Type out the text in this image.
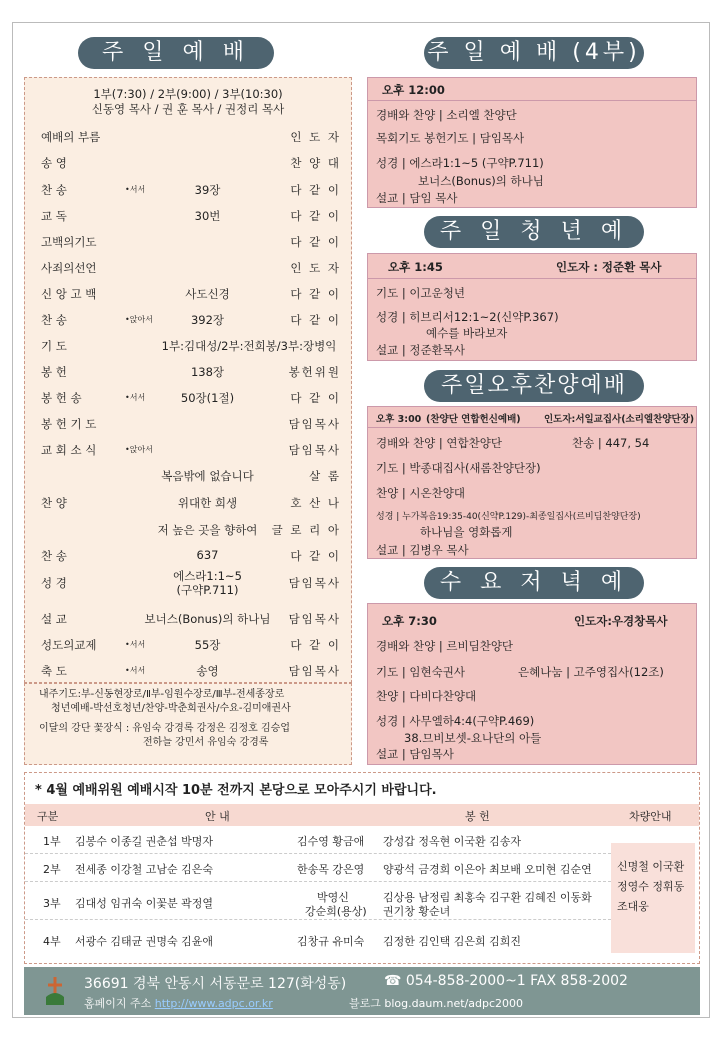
주 일 예 배
1부(7:30) / 2부(9:00) / 3부(10:30)
신동영 목사 / 권 훈 목사 / 권정리 목사
예배의 부름	인 도 자
송 영	찬 양 대
찬 송	•서서	39장	다 같 이
교 독	30번	다 같 이
고백의기도	다 같 이
사죄의선언	인 도 자
신 앙 고 백	사도신경	다 같 이
찬 송	•앉아서	392장	다 같 이
기 도	1부:김대성/2부:전희봉/3부:장병익
봉 헌	138장	봉헌위원
봉 헌 송	•서서	50장(1절)	다 같 이
봉 헌 기 도	담임목사
교 회 소 식	•앉아서	담임목사
복음밖에 없습니다	살 롬
찬 양	위대한 희생	호 산 나
저 높은 곳을 향하여	글 로 리 아
찬 송	637	다 같 이
성 경	에스라1:1~5
(구약P.711)	담임목사
설 교	보너스(Bonus)의 하나님	담임목사
성도의교제	•서서	55장	다 같 이
축 도	•서서	송영	담임목사
내주기도:부-신동현장로/Ⅱ부-임원수장로/Ⅲ부-전세종장로
청년예배-박선호청년/찬양-박춘희권사/수요-김미애권사
이달의 강단 꽃장식 : 유임숙 강경록 강정은 김정호 김승업
전하늘 강민서 유임숙 강경록
주 일 예 배 (4부)
오후 12:00
경배와 찬양 | 소리엘 찬양단
목회기도 봉헌기도 | 담임목사
성경 | 에스라1:1~5 (구약P.711)
보너스(Bonus)의 하나님
설교 | 담임 목사
주 일 청 년 예
오후 1:45	인도자 : 정준환 목사
기도 | 이고운청년
성경 | 히브리서12:1~2(신약P.367)
예수를 바라보자
설교 | 정준환목사
주일오후찬양예배
오후 3:00 (찬양단 연합헌신예배) 인도자:서일교집사(소리엘찬양단장)
경배와 찬양 | 연합찬양단	찬송 | 447, 54
기도 | 박종대집사(새롬찬양단장)
찬양 | 시온찬양대
성경 | 누가복음19:35-40(신약P.129)-최종일집사(르비딤찬양단장)
하나님을 영화롭게
설교 | 김병우 목사
수 요 저 녁 예
오후 7:30	인도자:우경창목사
경배와 찬양 | 르비딤찬양단
기도 | 임현숙권사	은혜나눔 | 고주영집사(12조)
찬양 | 다비다찬양대
성경 | 사무엘하4:4(구약P.469)
38.므비보셋-요나단의 아들
설교 | 담임목사
* 4월 예배위원 예배시작 10분 전까지 본당으로 모아주시기 바랍니다.
구분	안 내	봉 헌	차량안내
1부 김봉수 이종길 권춘섭 박명자	김수영 황금애 강성갑 정옥현 이국환 김송자
2부 전세종 이강철 고남순 김은숙	한송목 강은영 양광석 금경희 이은아 최보배 오미현 김순연
3부 김대성 임귀숙 이꽃분 곽정열	박영신
강순희(용상)
김상용 남정림 최홍숙 김구환 김혜진 이동화
권기창 황순녀
4부 서광수 김태균 권명숙 김윤애	김창규 유미숙 김정한 김인택 김은희 김희진
신명철 이국환
정영수 정휘동
조대웅
36691 경북 안동시 서동문로 127(화성동)	☎ 054-858-2000~1 FAX 858-2002
홈페이지 주소 http://www.adpc.or.kr	블로그 blog.daum.net/adpc2000
